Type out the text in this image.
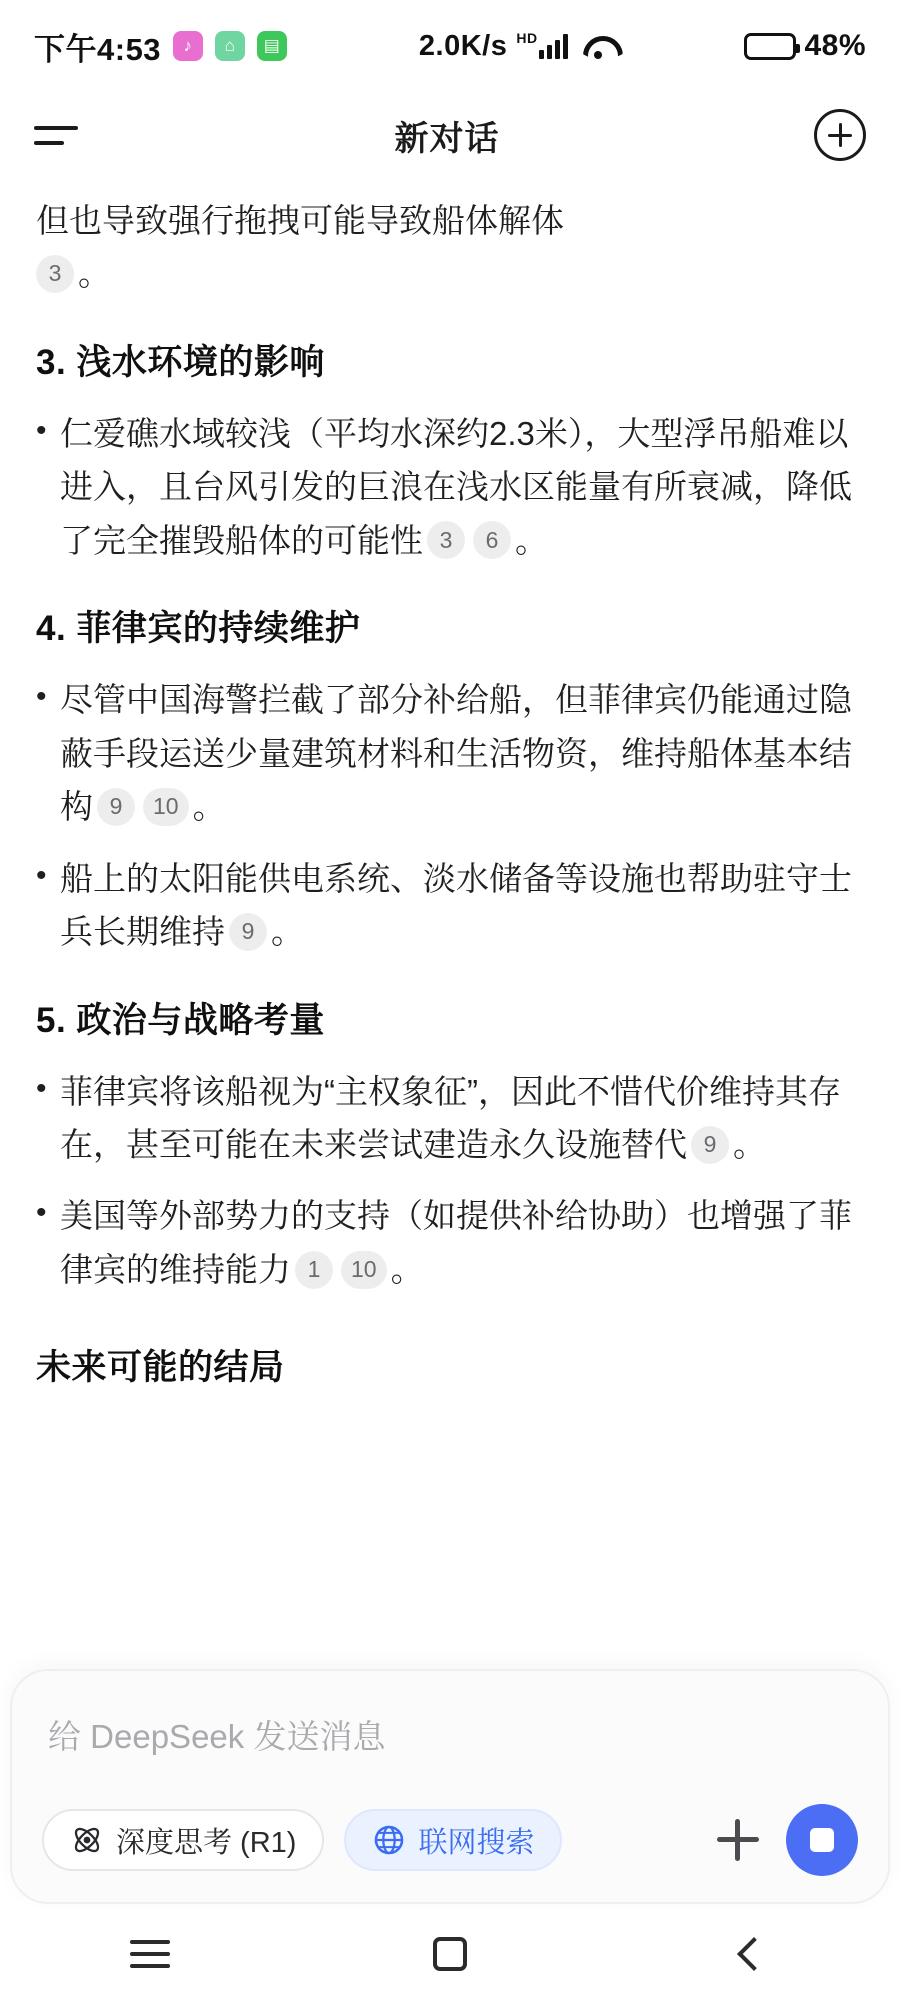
下午4:53	♪	⌂	▤	2.0K/s HD	⚡ 48%
新对话
但也导致强行拖拽可能导致船体解体
3 。
3. 浅水环境的影响
• 仁爱礁水域较浅（平均水深约2.3米），大型浮吊船难以进入，且台风引发的巨浪在浅水区能量有所衰减，降低了完全摧毁船体的可能性 3 6 。
4. 菲律宾的持续维护
• 尽管中国海警拦截了部分补给船，但菲律宾仍能通过隐蔽手段运送少量建筑材料和生活物资，维持船体基本结构 9 10 。
• 船上的太阳能供电系统、淡水储备等设施也帮助驻守士兵长期维持 9 。
5. 政治与战略考量
• 菲律宾将该船视为“主权象征”，因此不惜代价维持其存在，甚至可能在未来尝试建造永久设施替代 9 。
• 美国等外部势力的支持（如提供补给协助）也增强了菲律宾的维持能力 1 10 。
未来可能的结局
给 DeepSeek 发送消息
深度思考 (R1)	联网搜索
